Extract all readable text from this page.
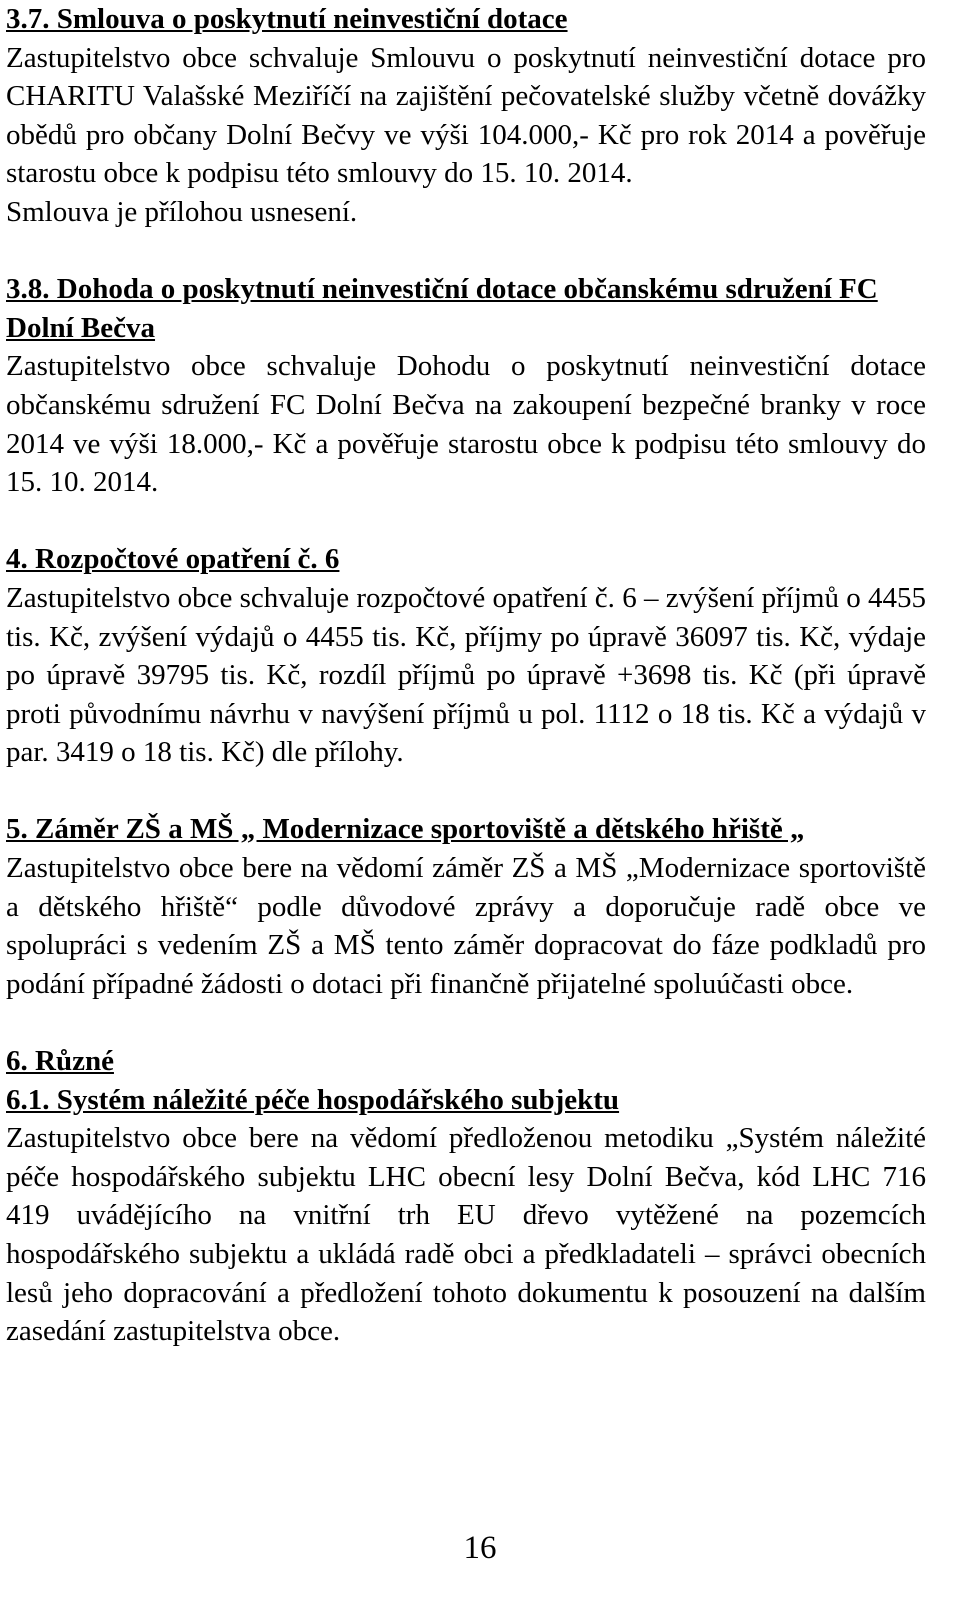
3.7. Smlouva o poskytnutí neinvestiční dotace

Zastupitelstvo obce schvaluje Smlouvu o poskytnutí neinvestiční dotace pro CHARITU Valašské Meziříčí na zajištění pečovatelské služby včetně dovážky obědů pro občany Dolní Bečvy ve výši 104.000,- Kč pro rok 2014 a pověřuje starostu obce k podpisu této smlouvy do 15. 10. 2014.

Smlouva je přílohou usnesení.

3.8. Dohoda o poskytnutí neinvestiční dotace občanskému sdružení FC Dolní Bečva

Zastupitelstvo obce schvaluje Dohodu o poskytnutí neinvestiční dotace občanskému sdružení FC Dolní Bečva na zakoupení bezpečné branky v roce 2014 ve výši 18.000,- Kč a pověřuje starostu obce k podpisu této smlouvy do 15. 10. 2014.

4. Rozpočtové opatření č. 6

Zastupitelstvo obce schvaluje rozpočtové opatření č. 6 – zvýšení příjmů o 4455 tis. Kč, zvýšení výdajů o 4455 tis. Kč, příjmy po úpravě 36097 tis. Kč, výdaje po úpravě 39795 tis. Kč, rozdíl příjmů po úpravě +3698 tis. Kč (při úpravě proti původnímu návrhu v navýšení příjmů u pol. 1112 o 18 tis. Kč a výdajů v par. 3419 o 18 tis. Kč) dle přílohy.

5. Záměr ZŠ a MŠ „ Modernizace sportoviště a dětského hřiště „

Zastupitelstvo obce bere na vědomí záměr ZŠ a MŠ „Modernizace sportoviště a dětského hřiště“ podle důvodové zprávy a doporučuje radě obce ve spolupráci s vedením ZŠ a MŠ tento záměr dopracovat do fáze podkladů pro podání případné žádosti o dotaci při finančně přijatelné spoluúčasti obce.

6. Různé

6.1. Systém náležité péče hospodářského subjektu

Zastupitelstvo obce bere na vědomí předloženou metodiku „Systém náležité péče hospodářského subjektu LHC obecní lesy Dolní Bečva, kód LHC 716 419 uvádějícího na vnitřní trh EU dřevo vytěžené na pozemcích hospodářského subjektu a ukládá radě obci a předkladateli – správci obecních lesů jeho dopracování a předložení tohoto dokumentu k posouzení na dalším zasedání zastupitelstva obce.

16
